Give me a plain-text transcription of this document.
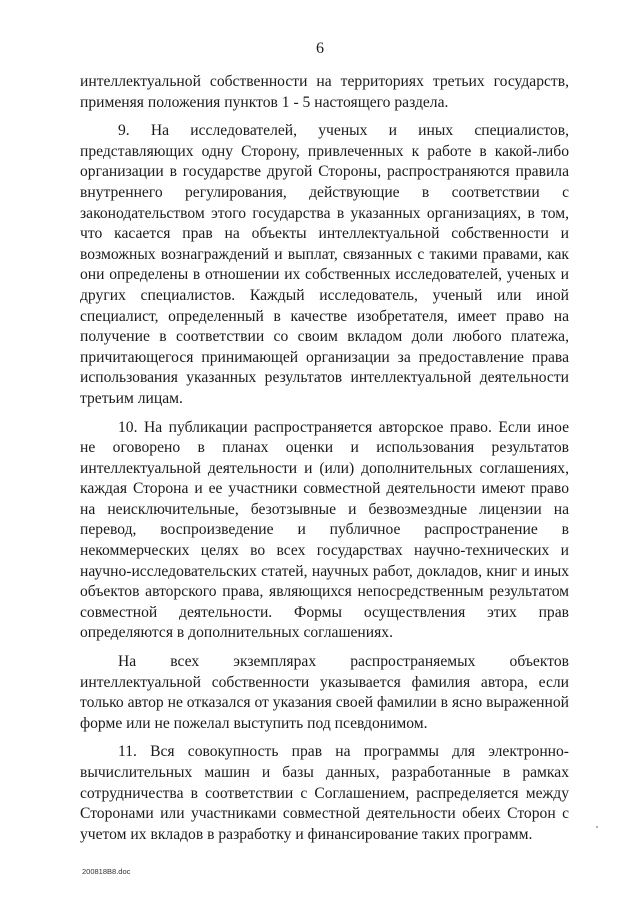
6

интеллектуальной собственности на территориях третьих государств, применяя положения пунктов 1 - 5 настоящего раздела.

9. На исследователей, ученых и иных специалистов, представляющих одну Сторону, привлеченных к работе в какой-либо организации в государстве другой Стороны, распространяются правила внутреннего регулирования, действующие в соответствии с законодательством этого государства в указанных организациях, в том, что касается прав на объекты интеллектуальной собственности и возможных вознаграждений и выплат, связанных с такими правами, как они определены в отношении их собственных исследователей, ученых и других специалистов. Каждый исследователь, ученый или иной специалист, определенный в качестве изобретателя, имеет право на получение в соответствии со своим вкладом доли любого платежа, причитающегося принимающей организации за предоставление права использования указанных результатов интеллектуальной деятельности третьим лицам.

10. На публикации распространяется авторское право. Если иное не оговорено в планах оценки и использования результатов интеллектуальной деятельности и (или) дополнительных соглашениях, каждая Сторона и ее участники совместной деятельности имеют право на неисключительные, безотзывные и безвозмездные лицензии на перевод, воспроизведение и публичное распространение в некоммерческих целях во всех государствах научно-технических и научно-исследовательских статей, научных работ, докладов, книг и иных объектов авторского права, являющихся непосредственным результатом совместной деятельности. Формы осуществления этих прав определяются в дополнительных соглашениях.

На всех экземплярах распространяемых объектов интеллектуальной собственности указывается фамилия автора, если только автор не отказался от указания своей фамилии в ясно выраженной форме или не пожелал выступить под псевдонимом.

11. Вся совокупность прав на программы для электронно-вычислительных машин и базы данных, разработанные в рамках сотрудничества в соответствии с Соглашением, распределяется между Сторонами или участниками совместной деятельности обеих Сторон с учетом их вкладов в разработку и финансирование таких программ.

200818B8.doc
